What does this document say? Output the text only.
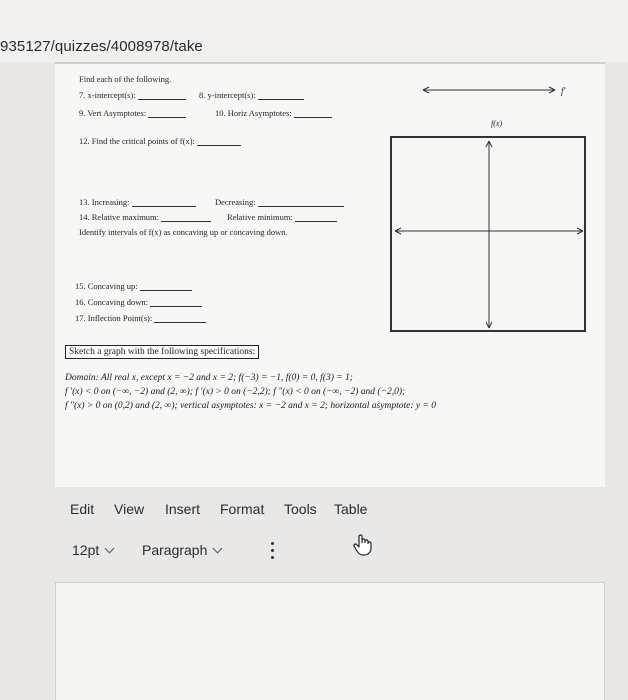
935127/quizzes/4008978/take
Find each of the following.
7. x-intercept(s):	8. y-intercept(s):
9. Vert Asymptotes:	10. Horiz Asymptotes:
12. Find the critical points of f(x):
13. Increasing:	Decreasing:
14. Relative maximum:	Relative minimum:
Identify intervals of f(x) as concaving up or concaving down.
15. Concaving up:
16. Concaving down:
17. Inflection Point(s):
Sketch a graph with the following specifications:
Domain: All real x, except x = −2 and x = 2; f(−3) = −1, f(0) = 0, f(3) = 1;
f ′(x) < 0 on (−∞, −2) and (2, ∞); f ′(x) > 0 on (−2,2); f ″(x) < 0 on (−∞, −2) and (−2,0);
f ″(x) > 0 on (0,2) and (2, ∞); vertical asymptotes: x = −2 and x = 2; horizontal asymptote: y = 0
f′
f(x)
Edit View Insert Format Tools Table
12pt	Paragraph
